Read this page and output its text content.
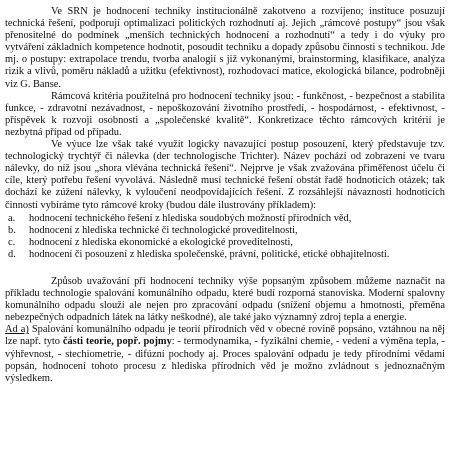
Ve SRN je hodnocení techniky institucionálně zakotveno a rozvíjeno; instituce posuzují technická řešení, podporují optimalizaci politických rozhodnutí aj. Jejich „rámcové postupy“ jsou však přenositelné do podmínek „menších technických hodnocení a rozhodnutí“ a tedy i do výuky pro vytváření základních kompetence hodnotit, posoudit techniku a dopady způsobu činnosti s technikou. Jde mj. o postupy: extrapolace trendu, tvorba analogií s již vykonanými, brainstorming, klasifikace, analýza rizik a vlivů, poměru nákladů a užitku (efektivnost), rozhodovací matice, ekologická bilance, podrobněji viz G. Banse.

Rámcová kritéria použitelná pro hodnocení techniky jsou: - funkčnost, - bezpečnost a stabilita funkce, - zdravotní nezávadnost, - nepoškozování životního prostředí, - hospodárnost, - efektivnost, - příspěvek k rozvoji osobnosti a „společenské kvalitě“. Konkretizace těchto rámcových kritérií je nezbytná případ od případu.

Ve výuce lze však také využít logicky navazující postup posouzení, který představuje tzv. technologický trychtýř či nálevka (der technologische Trichter). Název pochází od zobrazení ve tvaru nálevky, do níž jsou „shora vlévána technická řešení“. Nejprve je však zvažována přiměřenost účelu či cíle, který potřebu řešení vyvolává. Následně musí technické řešení obstát řadě hodnoticích otázek; tak dochází ke zúžení nálevky, k vyloučení neodpovídajících řešení. Z rozsáhlejší návaznosti hodnoticích činností vybíráme tyto rámcové kroky (budou dále ilustrovány příkladem):

a. hodnocení technického řešení z hlediska soudobých možností přírodních věd,
b. hodnocení z hlediska technické či technologické proveditelnosti,
c. hodnocení z hlediska ekonomické a ekologické proveditelnosti,
d. hodnocení či posouzení z hlediska společenské, právní, politické, etické obhajitelnosti.

Způsob uvažování při hodnocení techniky výše popsaným způsobem můžeme naznačit na příkladu technologie spalování komunálního odpadu, které budí rozporná stanoviska. Moderní spalovny komunálního odpadu slouží ale nejen pro zpracování odpadu (snížení objemu a hmotnosti, přeměna nebezpečných odpadních látek na látky neškodné), ale také jako významný zdroj tepla a energie.

Ad a) Spalování komunálního odpadu je teorií přírodních věd v obecné rovině popsáno, vztáhnou na něj lze např. tyto části teorie, popř. pojmy: - termodynamika, - fyzikální chemie, - vedení a výměna tepla, - výhřevnost, - stechiometrie, - difúzní pochody aj. Proces spalování odpadu je tedy přírodními vědami popsán, hodnocení tohoto procesu z hlediska přírodních věd je možno zvládnout s jednoznačným výsledkem.
